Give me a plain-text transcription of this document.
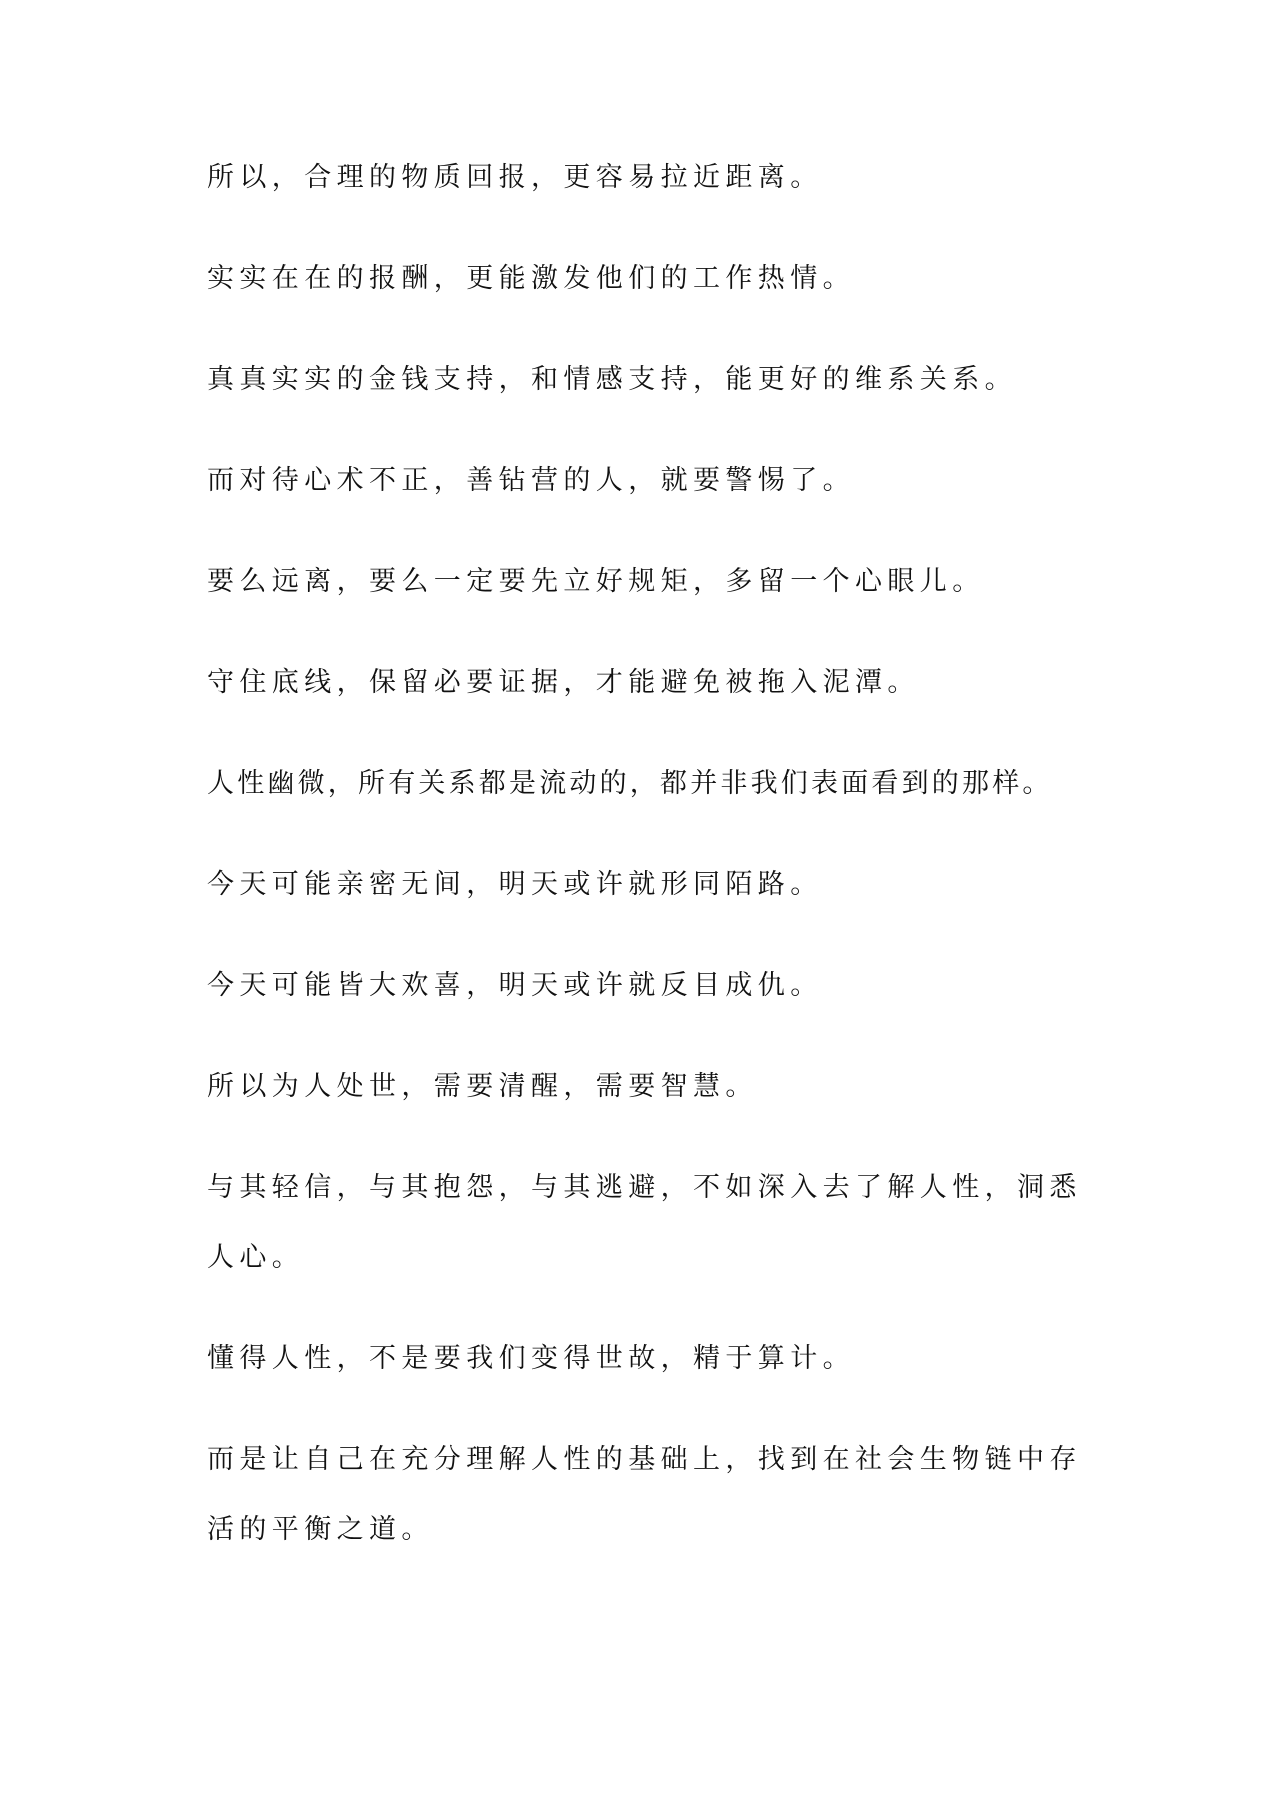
所以，合理的物质回报，更容易拉近距离。

实实在在的报酬，更能激发他们的工作热情。

真真实实的金钱支持，和情感支持，能更好的维系关系。

而对待心术不正，善钻营的人，就要警惕了。

要么远离，要么一定要先立好规矩，多留一个心眼儿。

守住底线，保留必要证据，才能避免被拖入泥潭。

人性幽微，所有关系都是流动的，都并非我们表面看到的那样。

今天可能亲密无间，明天或许就形同陌路。

今天可能皆大欢喜，明天或许就反目成仇。

所以为人处世，需要清醒，需要智慧。

与其轻信，与其抱怨，与其逃避，不如深入去了解人性，洞悉人心。

懂得人性，不是要我们变得世故，精于算计。

而是让自己在充分理解人性的基础上，找到在社会生物链中存活的平衡之道。
